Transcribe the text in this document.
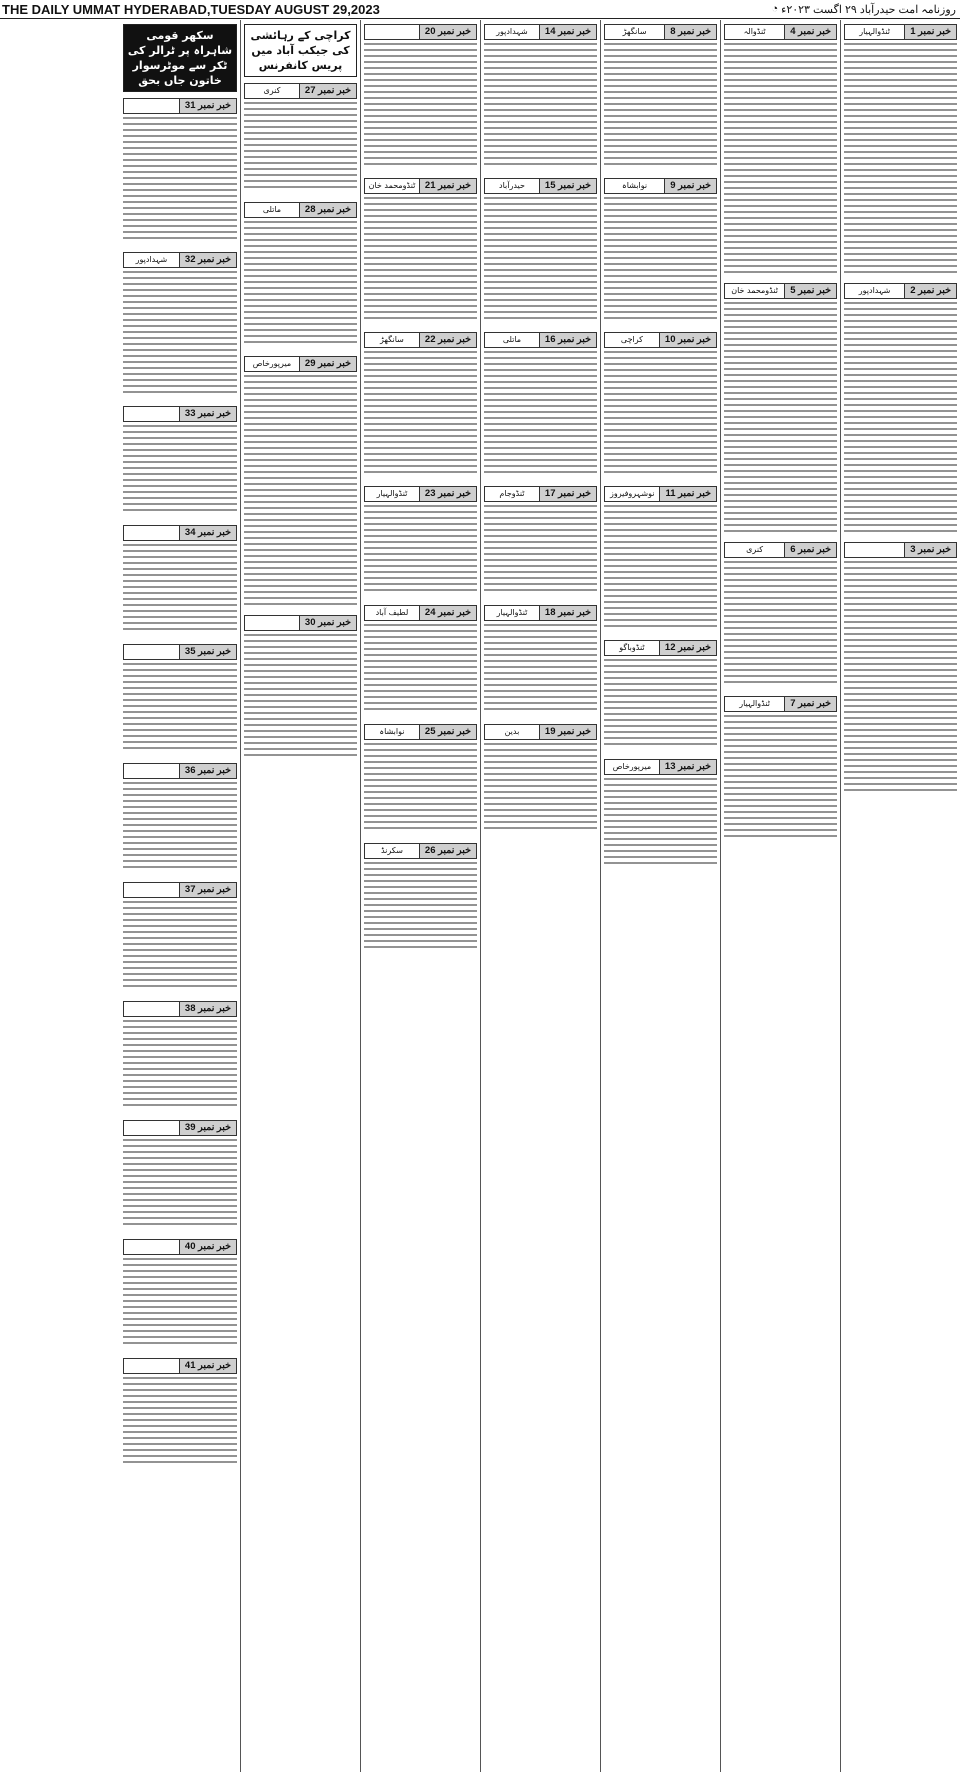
THE DAILY UMMAT HYDERABAD,TUESDAY AUGUST 29,2023	روزنامہ امت حیدرآباد ۲۹ اگست ۲۰۲۳ء
◔
خبر نمبر 1
ٹنڈوالہیار
خبر نمبر 2
شہدادپور
خبر نمبر 3
خبر نمبر 4
ٹنڈوالہ
خبر نمبر 5
ٹنڈومحمد خان
خبر نمبر 6
کنری
خبر نمبر 7
ٹنڈوالہیار
خبر نمبر 8
سانگھڑ
خبر نمبر 9
نوابشاہ
خبر نمبر 10
کراچی
خبر نمبر 11
نوشہروفیروز
خبر نمبر 12
ٹنڈوباگو
خبر نمبر 13
میرپورخاص
خبر نمبر 14
شہدادپور
خبر نمبر 15
حیدرآباد
خبر نمبر 16
ماتلی
خبر نمبر 17
ٹنڈوجام
خبر نمبر 18
ٹنڈوالہیار
خبر نمبر 19
بدین
خبر نمبر 20
خبر نمبر 21
ٹنڈومحمد خان
خبر نمبر 22
سانگھڑ
خبر نمبر 23
ٹنڈوالہیار
خبر نمبر 24
لطیف آباد
خبر نمبر 25
نوابشاہ
خبر نمبر 26
سکرنڈ
کراچی کے رہائشی کی جیکب آباد میں پریس کانفرنس
خبر نمبر 27
کنری
خبر نمبر 28
ماتلی
خبر نمبر 29
میرپورخاص
خبر نمبر 30
سکھر قومی شاہراہ پر ٹرالر کی ٹکر سے موٹرسوار خاتون جاں بحق
خبر نمبر 31
خبر نمبر 32
شہدادپور
خبر نمبر 33
خبر نمبر 34
خبر نمبر 35
خبر نمبر 36
خبر نمبر 37
خبر نمبر 38
خبر نمبر 39
خبر نمبر 40
خبر نمبر 41
